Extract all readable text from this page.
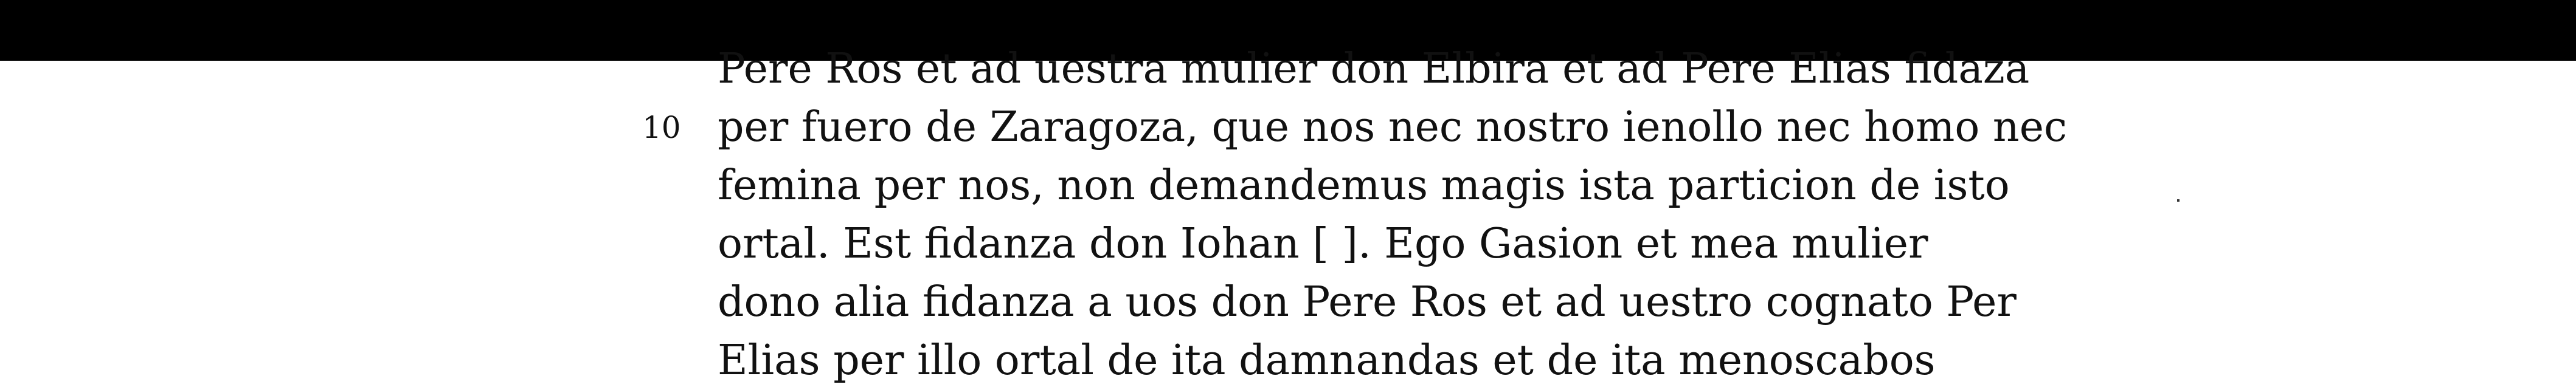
Pere Ros et ad uestra mulier don Elbira et ad Pere Elias fidaza
10 per fuero de Zaragoza, que nos nec nostro ienollo nec homo nec
femina per nos, non demandemus magis ista particion de isto
ortal. Est fidanza don Iohan [ ]. Ego Gasion et mea mulier
dono alia fidanza a uos don Pere Ros et ad uestro cognato Per
Elias per illo ortal de ita damnandas et de ita menoscabos
